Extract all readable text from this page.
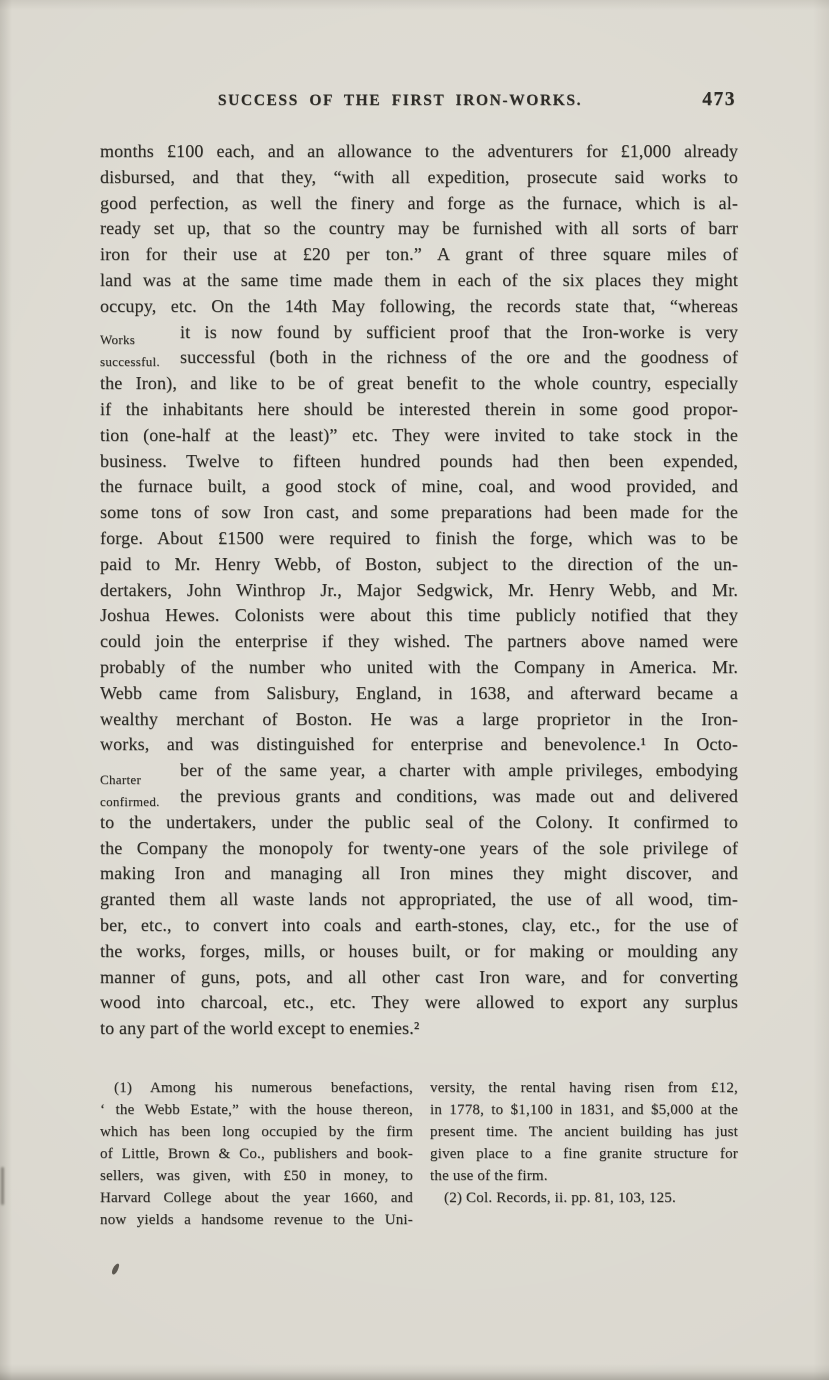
SUCCESS OF THE FIRST IRON-WORKS.	473
months £100 each, and an allowance to the adventurers for £1,000 already
disbursed, and that they, “with all expedition, prosecute said works to
good perfection, as well the finery and forge as the furnace, which is al-
ready set up, that so the country may be furnished with all sorts of barr
iron for their use at £20 per ton.” A grant of three square miles of
land was at the same time made them in each of the six places they might
occupy, etc. On the 14th May following, the records state that, “whereas
it is now found by sufficient proof that the Iron-worke is very
successful (both in the richness of the ore and the goodness of
the Iron), and like to be of great benefit to the whole country, especially
if the inhabitants here should be interested therein in some good propor-
tion (one-half at the least)” etc. They were invited to take stock in the
business. Twelve to fifteen hundred pounds had then been expended,
the furnace built, a good stock of mine, coal, and wood provided, and
some tons of sow Iron cast, and some preparations had been made for the
forge. About £1500 were required to finish the forge, which was to be
paid to Mr. Henry Webb, of Boston, subject to the direction of the un-
dertakers, John Winthrop Jr., Major Sedgwick, Mr. Henry Webb, and Mr.
Joshua Hewes. Colonists were about this time publicly notified that they
could join the enterprise if they wished. The partners above named were
probably of the number who united with the Company in America. Mr.
Webb came from Salisbury, England, in 1638, and afterward became a
wealthy merchant of Boston. He was a large proprietor in the Iron-
works, and was distinguished for enterprise and benevolence.¹ In Octo-
ber of the same year, a charter with ample privileges, embodying
the previous grants and conditions, was made out and delivered
to the undertakers, under the public seal of the Colony. It confirmed to
the Company the monopoly for twenty-one years of the sole privilege of
making Iron and managing all Iron mines they might discover, and
granted them all waste lands not appropriated, the use of all wood, tim-
ber, etc., to convert into coals and earth-stones, clay, etc., for the use of
the works, forges, mills, or houses built, or for making or moulding any
manner of guns, pots, and all other cast Iron ware, and for converting
wood into charcoal, etc., etc. They were allowed to export any surplus
to any part of the world except to enemies.²
Works
successful.
Charter
confirmed.
(1) Among his numerous benefactions,
‘ the Webb Estate,” with the house thereon,
which has been long occupied by the firm
of Little, Brown & Co., publishers and book-
sellers, was given, with £50 in money, to
Harvard College about the year 1660, and
now yields a handsome revenue to the Uni-
versity, the rental having risen from £12,
in 1778, to $1,100 in 1831, and $5,000 at the
present time. The ancient building has just
given place to a fine granite structure for
the use of the firm.
(2) Col. Records, ii. pp. 81, 103, 125.
